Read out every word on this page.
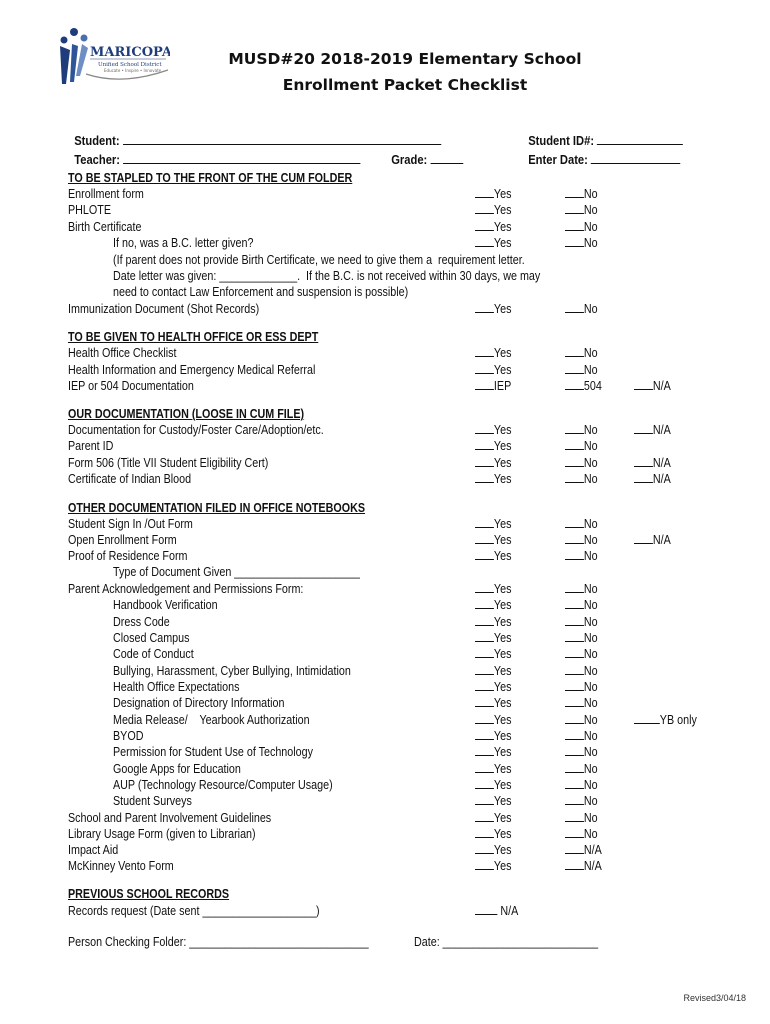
MARICOPA
Unified School District
Educate • Inspire • Innovate
MUSD#20 2018-2019 Elementary School
Enrollment Packet Checklist

Student:

Teacher:	Grade:

Student ID#:

Enter Date:

TO BE STAPLED TO THE FRONT OF THE CUM FOLDER
Enrollment form	Yes	No
PHLOTE	Yes	No
Birth Certificate	Yes	No
If no, was a B.C. letter given?	Yes	No
(If parent does not provide Birth Certificate, we need to give them a  requirement letter.
Date letter was given: _____________.  If the B.C. is not received within 30 days, we may
need to contact Law Enforcement and suspension is possible)
Immunization Document (Shot Records)	Yes	No
TO BE GIVEN TO HEALTH OFFICE OR ESS DEPT
Health Office Checklist	Yes	No
Health Information and Emergency Medical Referral	Yes	No
IEP or 504 Documentation	IEP	504	N/A
OUR DOCUMENTATION (LOOSE IN CUM FILE)
Documentation for Custody/Foster Care/Adoption/etc.	Yes	No	N/A
Parent ID	Yes	No
Form 506 (Title VII Student Eligibility Cert)	Yes	No	N/A
Certificate of Indian Blood	Yes	No	N/A
OTHER DOCUMENTATION FILED IN OFFICE NOTEBOOKS
Student Sign In /Out Form	Yes	No
Open Enrollment Form	Yes	No	N/A
Proof of Residence Form	Yes	No
Type of Document Given _____________________
Parent Acknowledgement and Permissions Form:	Yes	No
Handbook Verification	Yes	No
Dress Code	Yes	No
Closed Campus	Yes	No
Code of Conduct	Yes	No
Bullying, Harassment, Cyber Bullying, Intimidation	Yes	No
Health Office Expectations	Yes	No
Designation of Directory Information	Yes	No
Media Release/    Yearbook Authorization	Yes	No	YB only
BYOD	Yes	No
Permission for Student Use of Technology	Yes	No
Google Apps for Education	Yes	No
AUP (Technology Resource/Computer Usage)	Yes	No
Student Surveys	Yes	No
School and Parent Involvement Guidelines	Yes	No
Library Usage Form (given to Librarian)	Yes	No
Impact Aid	Yes	N/A
McKinney Vento Form	Yes	N/A
PREVIOUS SCHOOL RECORDS
Records request (Date sent ___________________)	N/A
Person Checking Folder: ______________________________	Date: __________________________
Revised3/04/18
